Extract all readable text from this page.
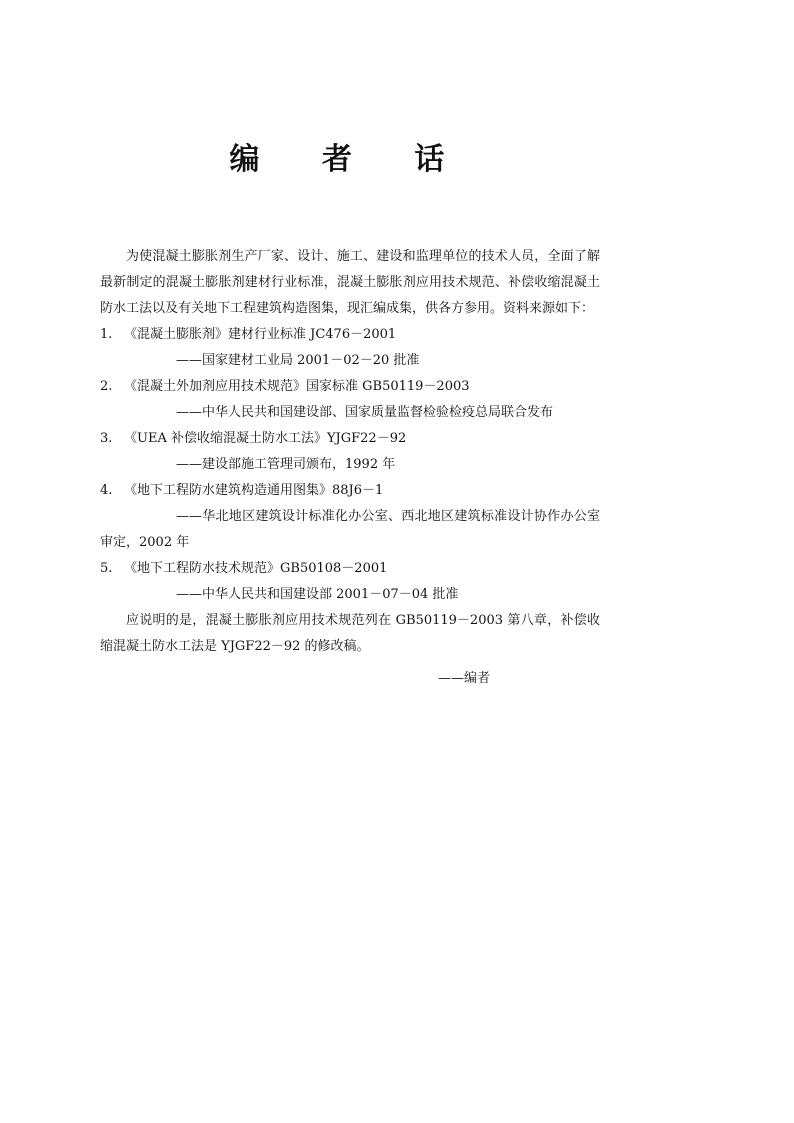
编 者 话

为使混凝土膨胀剂生产厂家、设计、施工、建设和监理单位的技术人员，全面了解最新制定的混凝土膨胀剂建材行业标准，混凝土膨胀剂应用技术规范、补偿收缩混凝土防水工法以及有关地下工程建筑构造图集，现汇编成集，供各方参用。资料来源如下：

1. 《混凝土膨胀剂》建材行业标准 JC476－2001

——国家建材工业局 2001－02－20 批准

2. 《混凝土外加剂应用技术规范》国家标准 GB50119－2003

——中华人民共和国建设部、国家质量监督检验检疫总局联合发布

3. 《UEA 补偿收缩混凝土防水工法》YJGF22－92

——建设部施工管理司颁布，1992 年

4. 《地下工程防水建筑构造通用图集》88J6－1

——华北地区建筑设计标准化办公室、西北地区建筑标准设计协作办公室审定，2002 年

5. 《地下工程防水技术规范》GB50108－2001

——中华人民共和国建设部 2001－07－04 批准

应说明的是，混凝土膨胀剂应用技术规范列在 GB50119－2003 第八章，补偿收缩混凝土防水工法是 YJGF22－92 的修改稿。

——编者
